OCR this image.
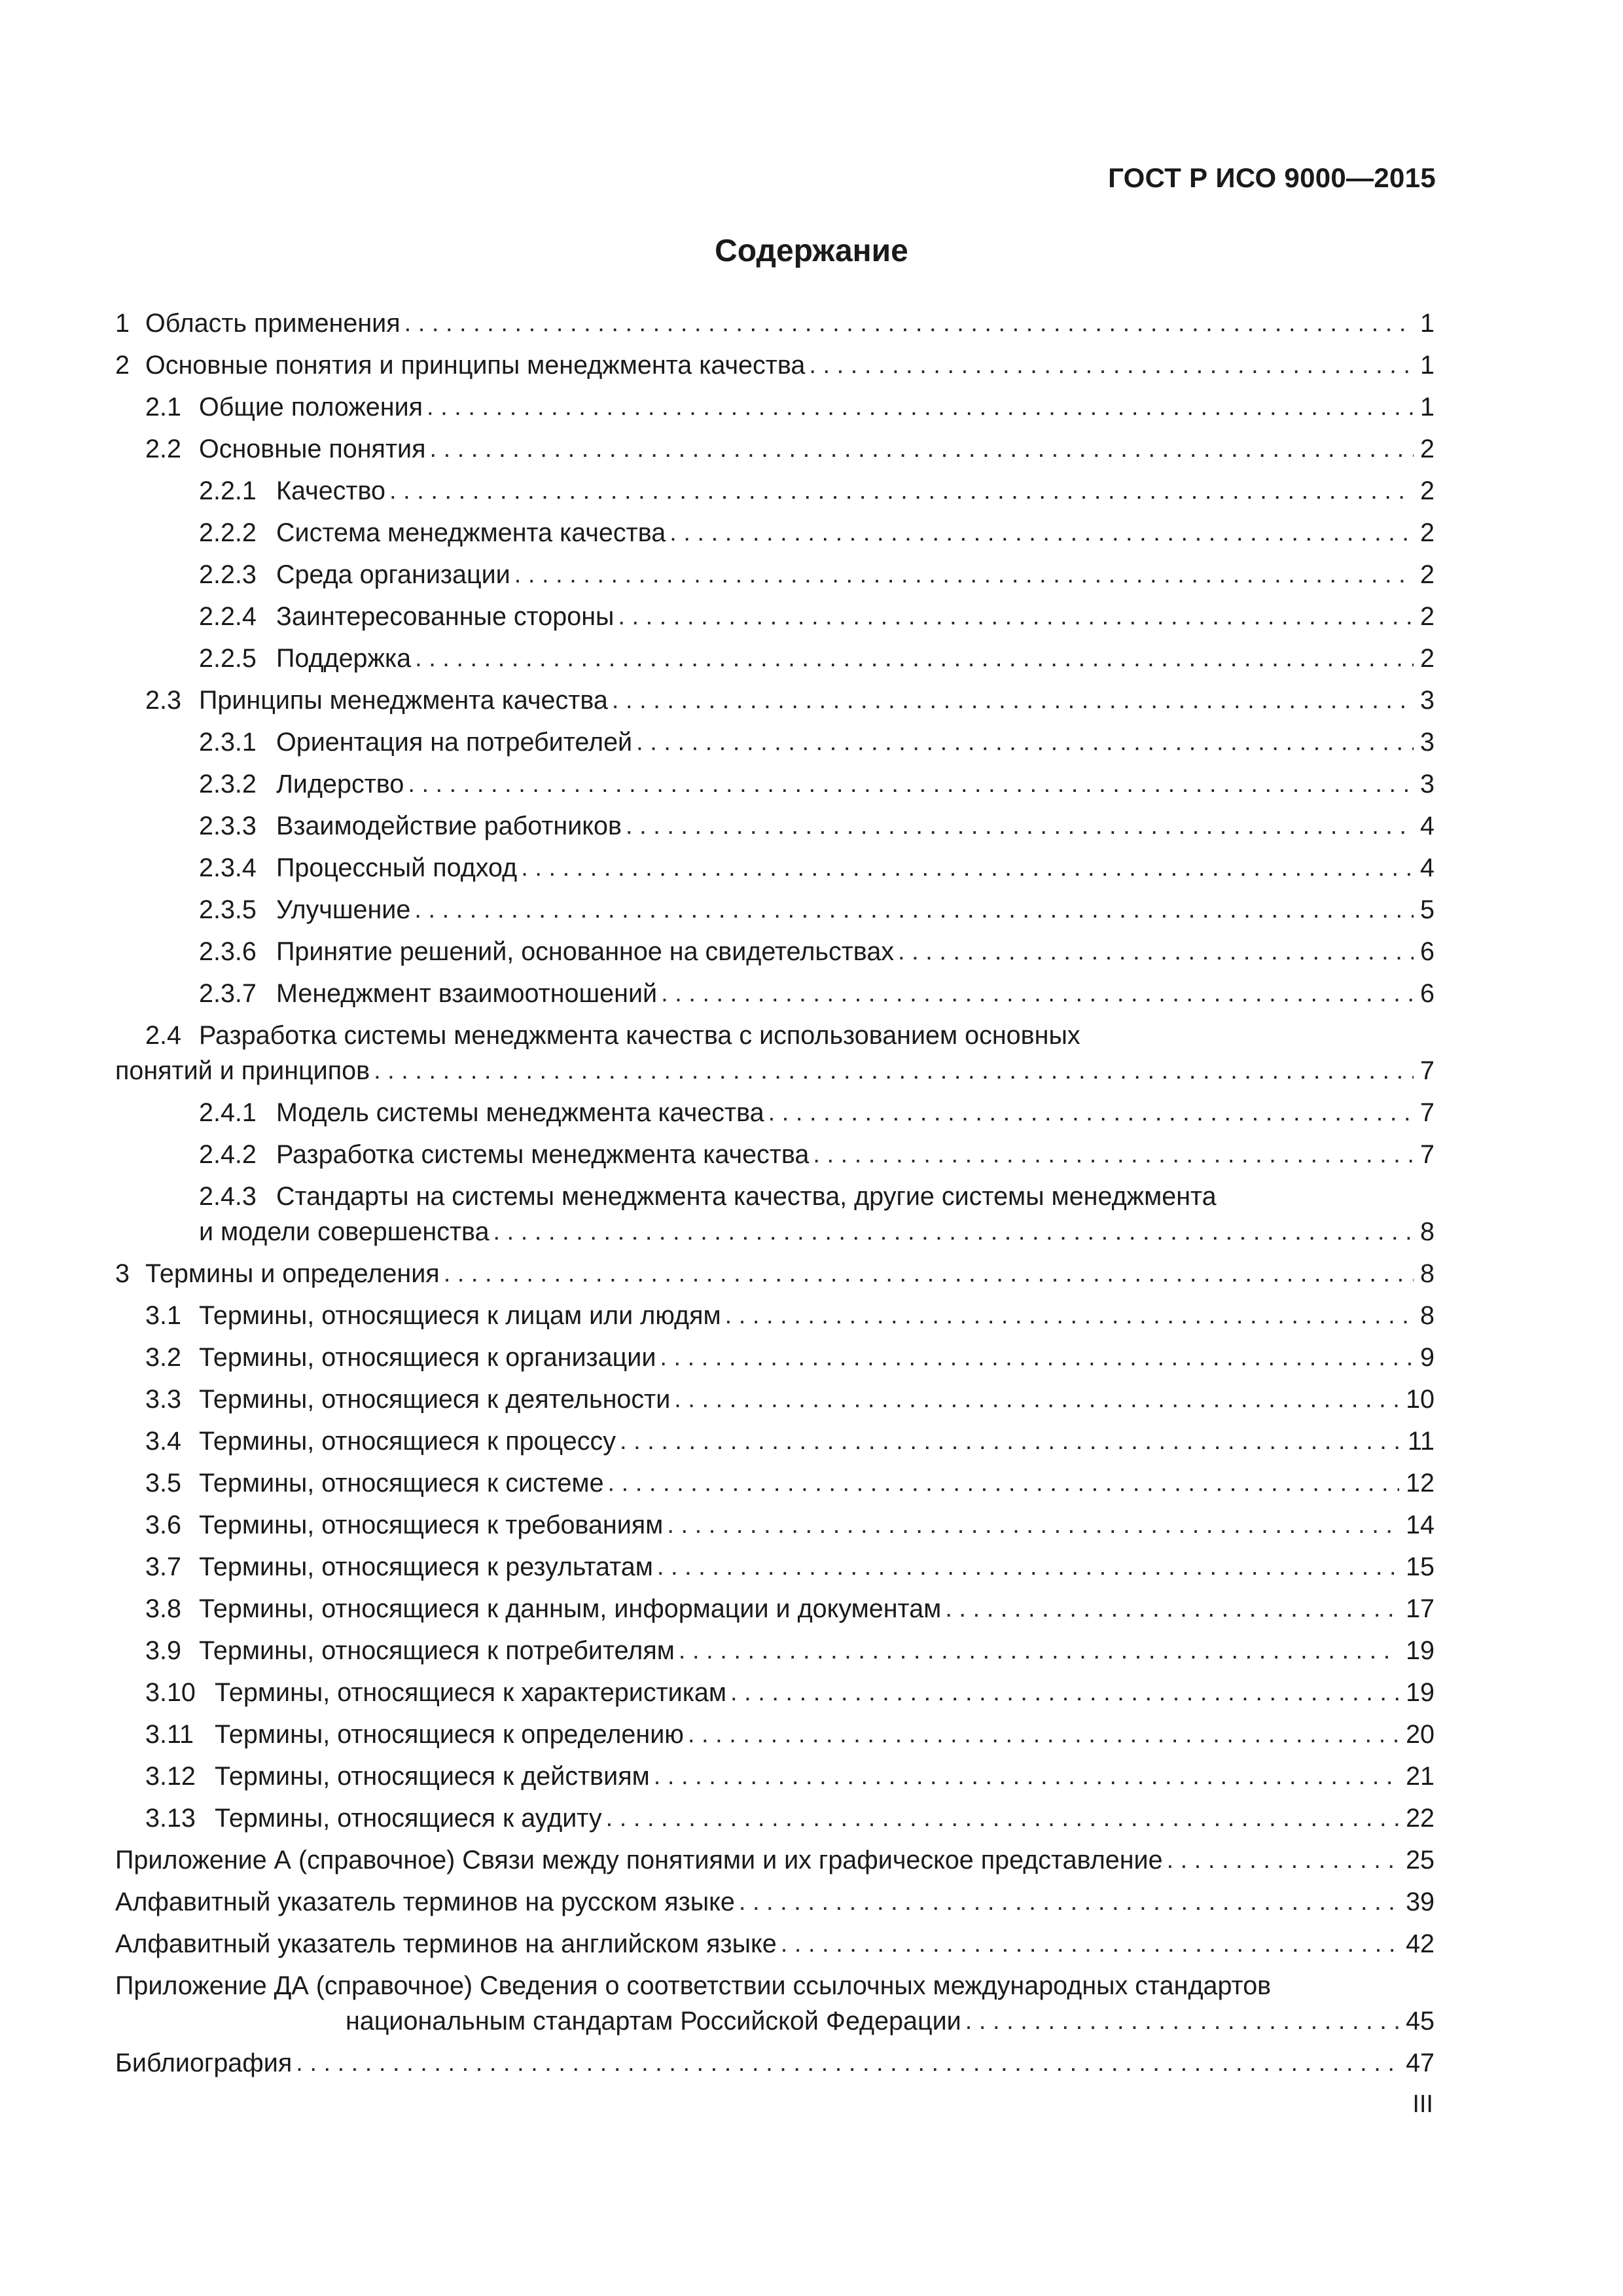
ГОСТ Р ИСО 9000—2015
Содержание
1 Область применения . . .	1
2 Основные понятия и принципы менеджмента качества . . .	1
2.1 Общие положения . . .	1
2.2 Основные понятия . . .	2
2.2.1 Качество . . .	2
2.2.2 Система менеджмента качества . . .	2
2.2.3 Среда организации . . .	2
2.2.4 Заинтересованные стороны . . .	2
2.2.5 Поддержка . . .	2
2.3 Принципы менеджмента качества . . .	3
2.3.1 Ориентация на потребителей . . .	3
2.3.2 Лидерство . . .	3
2.3.3 Взаимодействие работников . . .	4
2.3.4 Процессный подход . . .	4
2.3.5 Улучшение . . .	5
2.3.6 Принятие решений, основанное на свидетельствах . . .	6
2.3.7 Менеджмент взаимоотношений . . .	6
2.4 Разработка системы менеджмента качества с использованием основных
понятий и принципов . . .	7
2.4.1 Модель системы менеджмента качества . . .	7
2.4.2 Разработка системы менеджмента качества . . .	7
2.4.3 Стандарты на системы менеджмента качества, другие системы менеджмента
и модели совершенства . . .	8
3 Термины и определения . . .	8
3.1 Термины, относящиеся к лицам или людям . . .	8
3.2 Термины, относящиеся к организации . . .	9
3.3 Термины, относящиеся к деятельности . . .	10
3.4 Термины, относящиеся к процессу . . .	11
3.5 Термины, относящиеся к системе . . .	12
3.6 Термины, относящиеся к требованиям . . .	14
3.7 Термины, относящиеся к результатам . . .	15
3.8 Термины, относящиеся к данным, информации и документам . . .	17
3.9 Термины, относящиеся к потребителям . . .	19
3.10 Термины, относящиеся к характеристикам . . .	19
3.11 Термины, относящиеся к определению . . .	20
3.12 Термины, относящиеся к действиям . . .	21
3.13 Термины, относящиеся к аудиту . . .	22
Приложение А (справочное) Связи между понятиями и их графическое представление . . .	25
Алфавитный указатель терминов на русском языке . . .	39
Алфавитный указатель терминов на английском языке . . .	42
Приложение ДА (справочное) Сведения о соответствии ссылочных международных стандартов
национальным стандартам Российской Федерации . . .	45
Библиография . . .	47
III
